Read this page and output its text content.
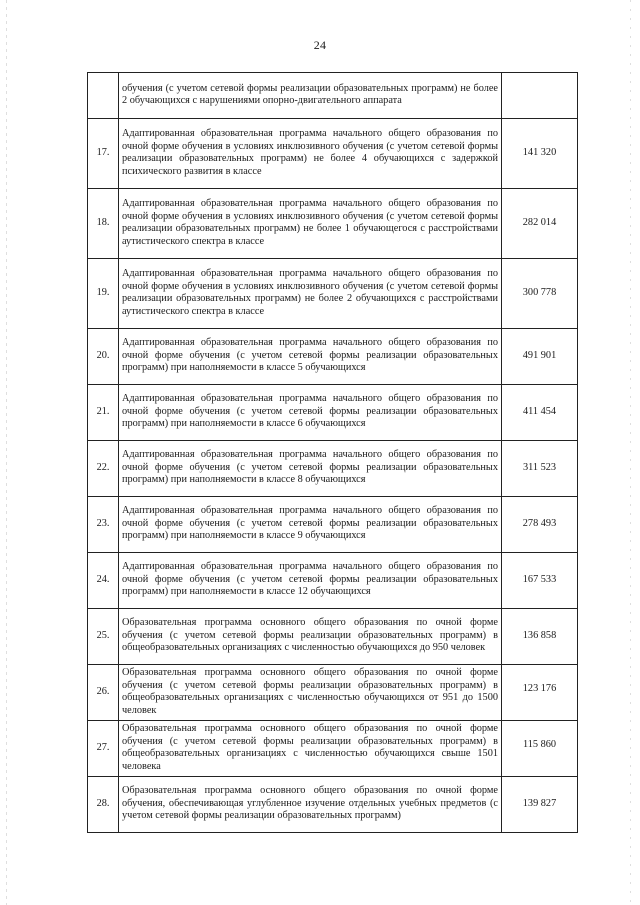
24
	обучения (с учетом сетевой формы реализации образовательных программ) не более 2 обучающихся с нарушениями опорно-двигательного аппарата	
17.	Адаптированная образовательная программа начального общего образования по очной форме обучения в условиях инклюзивного обучения (с учетом сетевой формы реализации образовательных программ) не более 4 обучающихся с задержкой психического развития в классе	141 320
18.	Адаптированная образовательная программа начального общего образования по очной форме обучения в условиях инклюзивного обучения (с учетом сетевой формы реализации образовательных программ) не более 1 обучающегося с расстройствами аутистического спектра в классе	282 014
19.	Адаптированная образовательная программа начального общего образования по очной форме обучения в условиях инклюзивного обучения (с учетом сетевой формы реализации образовательных программ) не более 2 обучающихся с расстройствами аутистического спектра в классе	300 778
20.	Адаптированная образовательная программа начального общего образования по очной форме обучения (с учетом сетевой формы реализации образовательных программ) при наполняемости в классе 5 обучающихся	491 901
21.	Адаптированная образовательная программа начального общего образования по очной форме обучения (с учетом сетевой формы реализации образовательных программ) при наполняемости в классе 6 обучающихся	411 454
22.	Адаптированная образовательная программа начального общего образования по очной форме обучения (с учетом сетевой формы реализации образовательных программ) при наполняемости в классе 8 обучающихся	311 523
23.	Адаптированная образовательная программа начального общего образования по очной форме обучения (с учетом сетевой формы реализации образовательных программ) при наполняемости в классе 9 обучающихся	278 493
24.	Адаптированная образовательная программа начального общего образования по очной форме обучения (с учетом сетевой формы реализации образовательных программ) при наполняемости в классе 12 обучающихся	167 533
25.	Образовательная программа основного общего образования по очной форме обучения (с учетом сетевой формы реализации образовательных программ) в общеобразовательных организациях с численностью обучающихся до 950 человек	136 858
26.	Образовательная программа основного общего образования по очной форме обучения (с учетом сетевой формы реализации образовательных программ) в общеобразовательных организациях с численностью обучающихся от 951 до 1500 человек	123 176
27.	Образовательная программа основного общего образования по очной форме обучения (с учетом сетевой формы реализации образовательных программ) в общеобразовательных организациях с численностью обучающихся свыше 1501 человека	115 860
28.	Образовательная программа основного общего образования по очной форме обучения, обеспечивающая углубленное изучение отдельных учебных предметов (с учетом сетевой формы реализации образовательных программ)	139 827
